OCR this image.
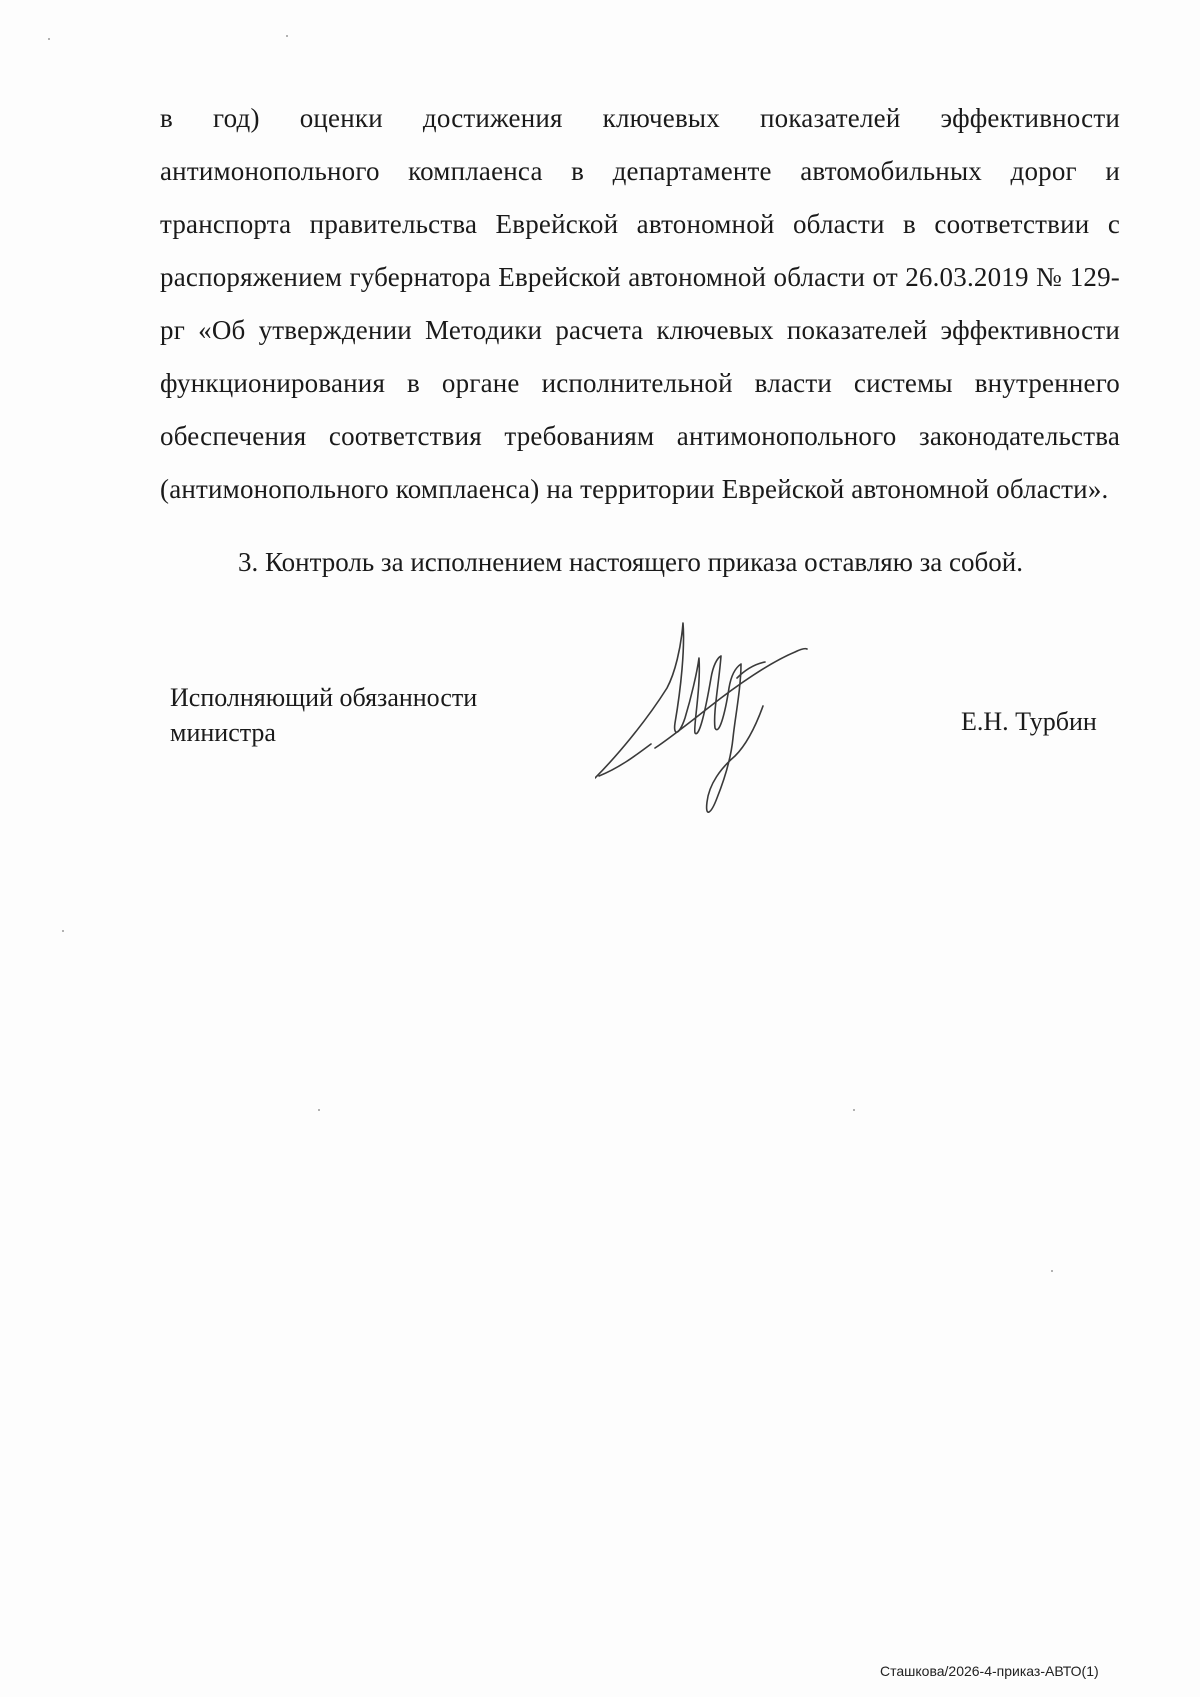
в год) оценки достижения ключевых показателей эффективности антимонопольного комплаенса в департаменте автомобильных дорог и транспорта правительства Еврейской автономной области в соответствии с распоряжением губернатора Еврейской автономной области от 26.03.2019 № 129-рг «Об утверждении Методики расчета ключевых показателей эффективности функционирования в органе исполнительной власти системы внутреннего обеспечения соответствия требованиям антимонопольного законодательства (антимонопольного комплаенса) на территории Еврейской автономной области».

3. Контроль за исполнением настоящего приказа оставляю за собой.

Исполняющий обязанности
министра	Е.Н. Турбин

Сташкова/2026-4-приказ-АВТО(1)
